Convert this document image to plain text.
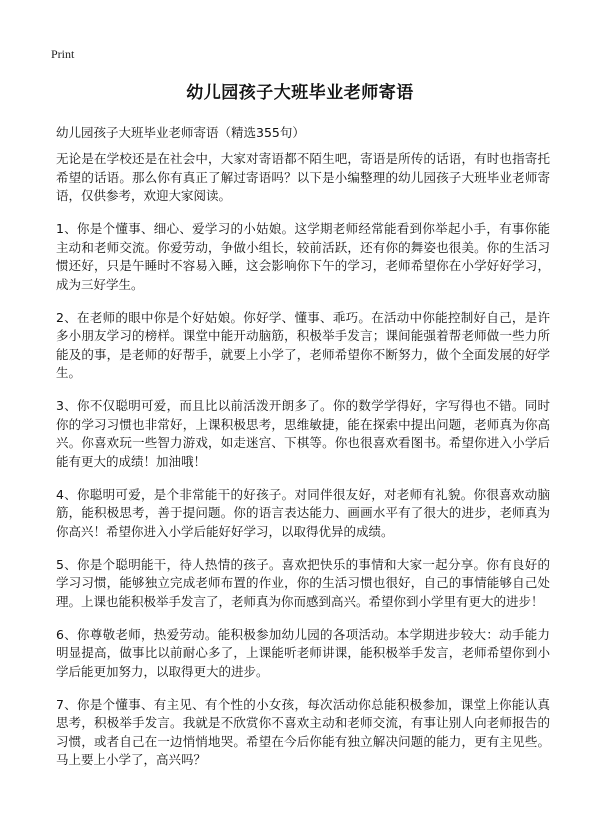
Print
幼儿园孩子大班毕业老师寄语

幼儿园孩子大班毕业老师寄语（精选355句）

无论是在学校还是在社会中，大家对寄语都不陌生吧，寄语是所传的话语，有时也指寄托希望的话语。那么你有真正了解过寄语吗？以下是小编整理的幼儿园孩子大班毕业老师寄语，仅供参考，欢迎大家阅读。

1、你是个懂事、细心、爱学习的小姑娘。这学期老师经常能看到你举起小手，有事你能主动和老师交流。你爱劳动，争做小组长，较前活跃，还有你的舞姿也很美。你的生活习惯还好，只是午睡时不容易入睡，这会影响你下午的学习，老师希望你在小学好好学习，成为三好学生。

2、在老师的眼中你是个好姑娘。你好学、懂事、乖巧。在活动中你能控制好自己，是许多小朋友学习的榜样。课堂中能开动脑筋，积极举手发言；课间能强着帮老师做一些力所能及的事，是老师的好帮手，就要上小学了，老师希望你不断努力，做个全面发展的好学生。

3、你不仅聪明可爱，而且比以前活泼开朗多了。你的数学学得好，字写得也不错。同时你的学习习惯也非常好，上课积极思考，思维敏捷，能在探索中提出问题，老师真为你高兴。你喜欢玩一些智力游戏，如走迷宫、下棋等。你也很喜欢看图书。希望你进入小学后能有更大的成绩！加油哦！

4、你聪明可爱，是个非常能干的好孩子。对同伴很友好，对老师有礼貌。你很喜欢动脑筋，能积极思考，善于提问题。你的语言表达能力、画画水平有了很大的进步，老师真为你高兴！希望你进入小学后能好好学习，以取得优异的成绩。

5、你是个聪明能干，待人热情的孩子。喜欢把快乐的事情和大家一起分享。你有良好的学习习惯，能够独立完成老师布置的作业，你的生活习惯也很好，自己的事情能够自己处理。上课也能积极举手发言了，老师真为你而感到高兴。希望你到小学里有更大的进步！

6、你尊敬老师，热爱劳动。能积极参加幼儿园的各项活动。本学期进步较大：动手能力明显提高，做事比以前耐心多了，上课能听老师讲课，能积极举手发言，老师希望你到小学后能更加努力，以取得更大的进步。

7、你是个懂事、有主见、有个性的小女孩，每次活动你总能积极参加，课堂上你能认真思考，积极举手发言。我就是不欣赏你不喜欢主动和老师交流，有事让别人向老师报告的习惯，或者自己在一边悄悄地哭。希望在今后你能有独立解决问题的能力，更有主见些。马上要上小学了，高兴吗？
